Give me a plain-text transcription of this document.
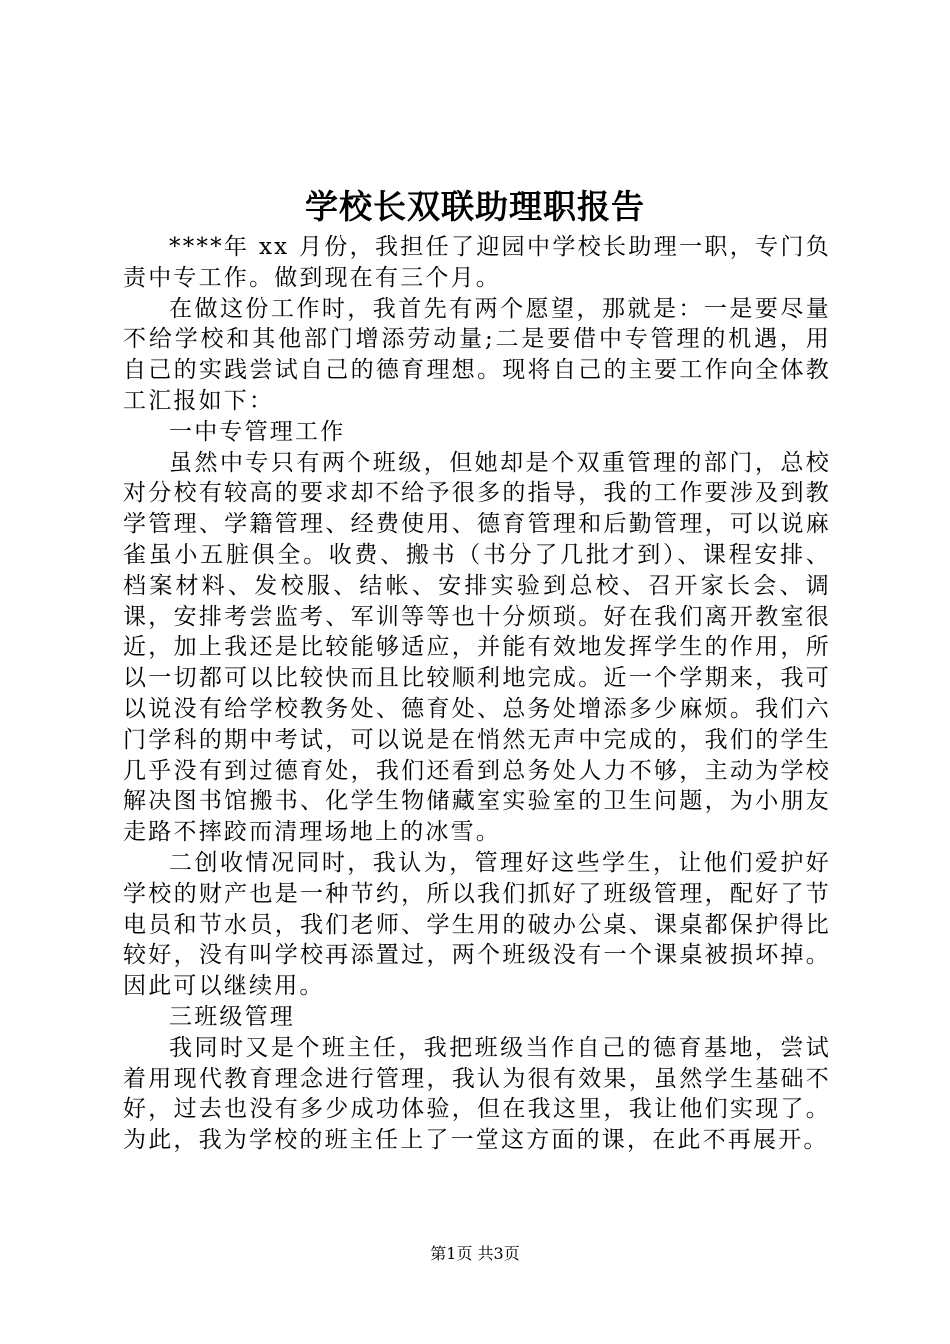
学校长双联助理职报告

****年 xx 月份，我担任了迎园中学校长助理一职，专门负责中专工作。做到现在有三个月。

在做这份工作时，我首先有两个愿望，那就是：一是要尽量不给学校和其他部门增添劳动量;二是要借中专管理的机遇，用自己的实践尝试自己的德育理想。现将自己的主要工作向全体教工汇报如下：

一中专管理工作

虽然中专只有两个班级，但她却是个双重管理的部门，总校对分校有较高的要求却不给予很多的指导，我的工作要涉及到教学管理、学籍管理、经费使用、德育管理和后勤管理，可以说麻雀虽小五脏俱全。收费、搬书（书分了几批才到）、课程安排、档案材料、发校服、结帐、安排实验到总校、召开家长会、调课，安排考尝监考、军训等等也十分烦琐。好在我们离开教室很近，加上我还是比较能够适应，并能有效地发挥学生的作用，所以一切都可以比较快而且比较顺利地完成。近一个学期来，我可以说没有给学校教务处、德育处、总务处增添多少麻烦。我们六门学科的期中考试，可以说是在悄然无声中完成的，我们的学生几乎没有到过德育处，我们还看到总务处人力不够，主动为学校解决图书馆搬书、化学生物储藏室实验室的卫生问题，为小朋友走路不摔跤而清理场地上的冰雪。

二创收情况同时，我认为，管理好这些学生，让他们爱护好学校的财产也是一种节约，所以我们抓好了班级管理，配好了节电员和节水员，我们老师、学生用的破办公桌、课桌都保护得比较好，没有叫学校再添置过，两个班级没有一个课桌被损坏掉。因此可以继续用。

三班级管理

我同时又是个班主任，我把班级当作自己的德育基地，尝试着用现代教育理念进行管理，我认为很有效果，虽然学生基础不好，过去也没有多少成功体验，但在我这里，我让他们实现了。为此，我为学校的班主任上了一堂这方面的课，在此不再展开。

第1页 共3页
